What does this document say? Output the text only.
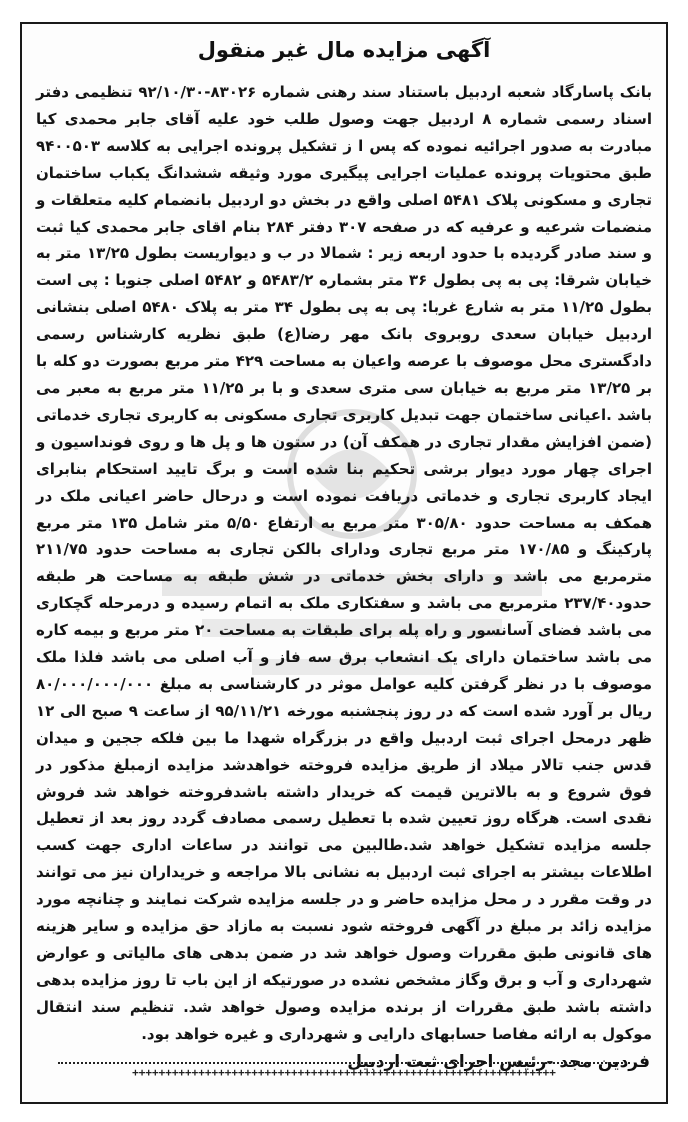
آگهی مزایده مال غیر منقول
بانک پاسارگاد شعبه اردبیل باستناد سند رهنی شماره ۸۳۰۲۶-۹۲/۱۰/۳۰ تنظیمی دفتر اسناد رسمی شماره ۸ اردبیل جهت وصول طلب خود علیه آقای جابر محمدی کیا مبادرت به صدور اجرائیه نموده که پس ا ز تشکیل پرونده اجرایی به کلاسه ۹۴۰۰۵۰۳ طبق محتویات پرونده عملیات اجرایی پیگیری مورد وثیقه ششدانگ یکباب ساختمان تجاری و مسکونی پلاک ۵۴۸۱ اصلی واقع در بخش دو اردبیل بانضمام کلیه متعلقات و منضمات شرعیه و عرفیه که در صفحه ۳۰۷ دفتر ۲۸۴ بنام اقای جابر محمدی کیا ثبت و سند صادر گردیده با حدود اربعه زیر : شمالا در ب و دیواریست بطول ۱۳/۲۵ متر به خیابان شرقا: پی به پی بطول ۳۶ متر بشماره ۵۴۸۳/۲ و ۵۴۸۲ اصلی جنوبا : پی است بطول ۱۱/۲۵ متر به شارع غربا: پی به پی بطول ۳۴ متر به پلاک ۵۴۸۰ اصلی بنشانی اردبیل خیابان سعدی روبروی بانک مهر رضا(ع) طبق نظریه کارشناس رسمی دادگستری محل موصوف با عرصه واعیان به مساحت ۴۲۹ متر مربع بصورت دو کله با بر ۱۳/۲۵ متر مربع به خیابان سی متری سعدی و با بر ۱۱/۲۵ متر مربع به معبر می باشد .اعیانی ساختمان جهت تبدیل کاربری تجاری مسکونی به کاربری تجاری خدماتی (ضمن افزایش مقدار تجاری در همکف آن) در ستون ها و پل ها و روی فونداسیون و اجرای چهار مورد دیوار برشی تحکیم بنا شده است و برگ تایید استحکام بنابرای ایجاد کاربری تجاری و خدماتی دریافت نموده است و درحال حاضر اعیانی ملک در همکف به مساحت حدود ۳۰۵/۸۰ متر مربع به ارتفاع ۵/۵۰ متر شامل ۱۳۵ متر مربع پارکینگ و ۱۷۰/۸۵ متر مربع تجاری ودارای بالکن تجاری به مساحت حدود ۲۱۱/۷۵ مترمربع می باشد و دارای بخش خدماتی در شش طبقه به مساحت هر طبقه حدود۲۳۷/۴۰ مترمربع می باشد و سفتکاری ملک به اتمام رسیده و درمرحله گچکاری می باشد فضای آسانسور و راه پله برای طبقات به مساحت ۲۰ متر مربع و بیمه کاره می باشد ساختمان دارای یک انشعاب برق سه فاز و آب اصلی می باشد فلذا ملک موصوف با در نظر گرفتن کلیه عوامل موثر در کارشناسی به مبلغ ۸۰/۰۰۰/۰۰۰/۰۰۰ ریال بر آورد شده است که در روز پنجشنبه مورخه ۹۵/۱۱/۲۱ از ساعت ۹ صبح الی ۱۲ ظهر درمحل اجرای ثبت اردبیل واقع در بزرگراه شهدا ما بین فلکه ججین و میدان قدس جنب تالار میلاد از طریق مزایده فروخته خواهدشد مزایده ازمبلغ مذکور در فوق شروع و به بالاترین قیمت که خریدار داشته باشدفروخته خواهد شد فروش نقدی است. هرگاه روز تعیین شده با تعطیل رسمی مصادف گردد روز بعد از تعطیل جلسه مزایده تشکیل خواهد شد.طالبین می توانند در ساعات اداری جهت کسب اطلاعات بیشتر به اجرای ثبت اردبیل به نشانی بالا مراجعه و خریداران نیز می توانند در وقت مقرر د ر محل مزایده حاضر و در جلسه مزایده شرکت نمایند و چنانچه مورد مزایده زائد بر مبلغ در آگهی فروخته شود نسبت به مازاد حق مزایده و سایر هزینه های قانونی طبق مقررات وصول خواهد شد در ضمن بدهی های مالیاتی و عوارض شهرداری و آب و برق وگاز مشخص نشده در صورتیکه از این باب تا روز مزایده بدهی داشته باشد طبق مقررات از برنده مزایده وصول خواهد شد. تنظیم سند انتقال موکول به ارائه مفاصا حسابهای دارایی و شهرداری و غیره خواهد بود.
فردین مجد -رئیس اجرای ثبت اردبیل
++++++++++++++++++++++++++++++++++++++++++++++++++++++++++++++++
